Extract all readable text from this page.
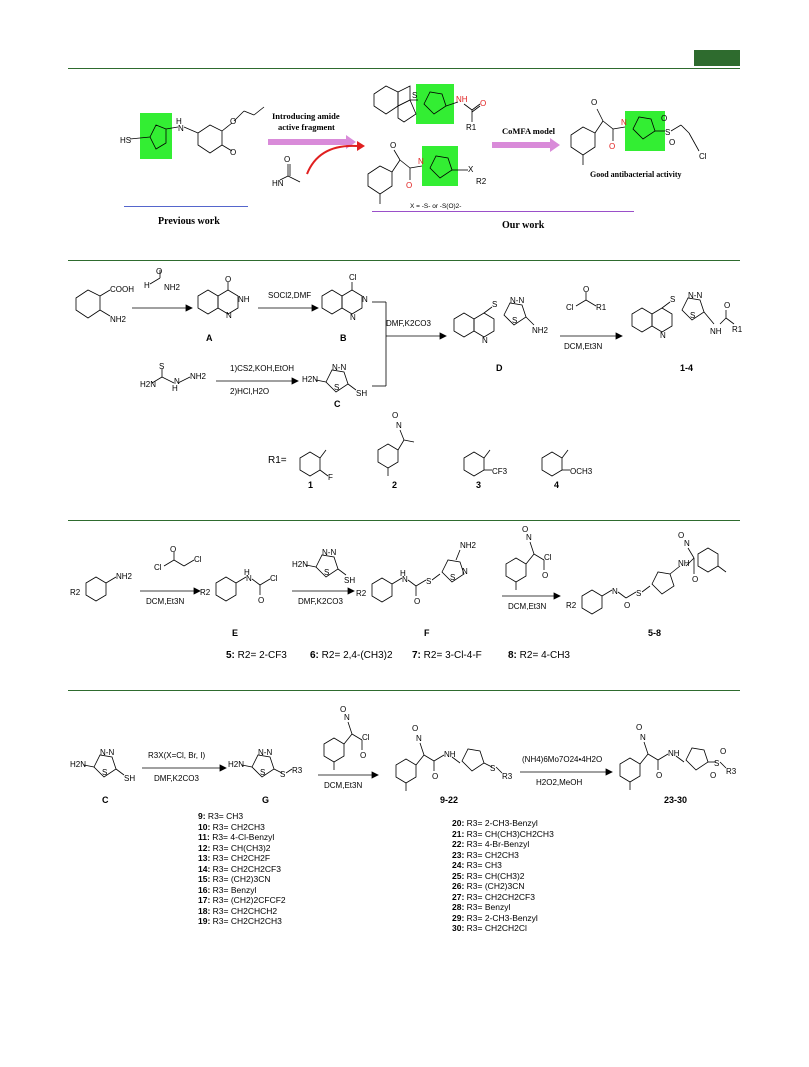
HS
H
N
O
O
Previous work
Introducing amide
active fragment
O
HN
S	NH O
R1
O
O
N
X
R2
X = -S- or -S(O)2-
Our work
CoMFA model
O
O
N
S
O
O
Cl
Good antibacterial activity
COOH
NH2
H
O
NH2
O
NH
N
A
SOCl2,DMF
Cl
N
N
B
S
H2N H
N
NH2
1)CS2,KOH,EtOH
2)HCl,H2O
H2N
SH
N-N
S
C
DMF,K2CO3
S
NH2
S
N-N
N
D
O
Cl	R1
DCM,Et3N
S
S
N-N
N	NH
O
R1
1-4
R1=
F
1
N
O
2
CF3
3
OCH3
4
NH2
R2
O
Cl
Cl
DCM,Et3N
H
N
O
Cl
R2
E
H2N
SH
N-N
S
DMF,K2CO3
H
N
O
S
R2
NH2
S
N
F
N
O
Cl
O
DCM,Et3N R2
N
O
S
NH
N
O
O
5-8
5: R2= 2-CF3 6: R2= 2,4-(CH3)2 7: R2= 3-Cl-4-F	8: R2= 4-CH3
H2N
SH
N-N
S
C
R3X(X=Cl, Br, I)
DMF,K2CO3
H2N
S R3
N-N
S
G
N
O
Cl
O
DCM,Et3N
N
O
O
NH
S
R3
9-22
(NH4)6Mo7O24•4H2O
H2O2,MeOH
N
O
O
NH
S
O
O R3
23-30
9: R3= CH3
10: R3= CH2CH3
11: R3= 4-Cl-Benzyl
12: R3= CH(CH3)2
13: R3= CH2CH2F
14: R3= CH2CH2CF3
15: R3= (CH2)3CN
16: R3= Benzyl
17: R3= (CH2)2CFCF2
18: R3= CH2CHCH2
19: R3= CH2CH2CH3
20: R3= 2-CH3-Benzyl
21: R3= CH(CH3)CH2CH3
22: R3= 4-Br-Benzyl
23: R3= CH2CH3
24: R3= CH3
25: R3= CH(CH3)2
26: R3= (CH2)3CN
27: R3= CH2CH2CF3
28: R3= Benzyl
29: R3= 2-CH3-Benzyl
30: R3= CH2CH2Cl
